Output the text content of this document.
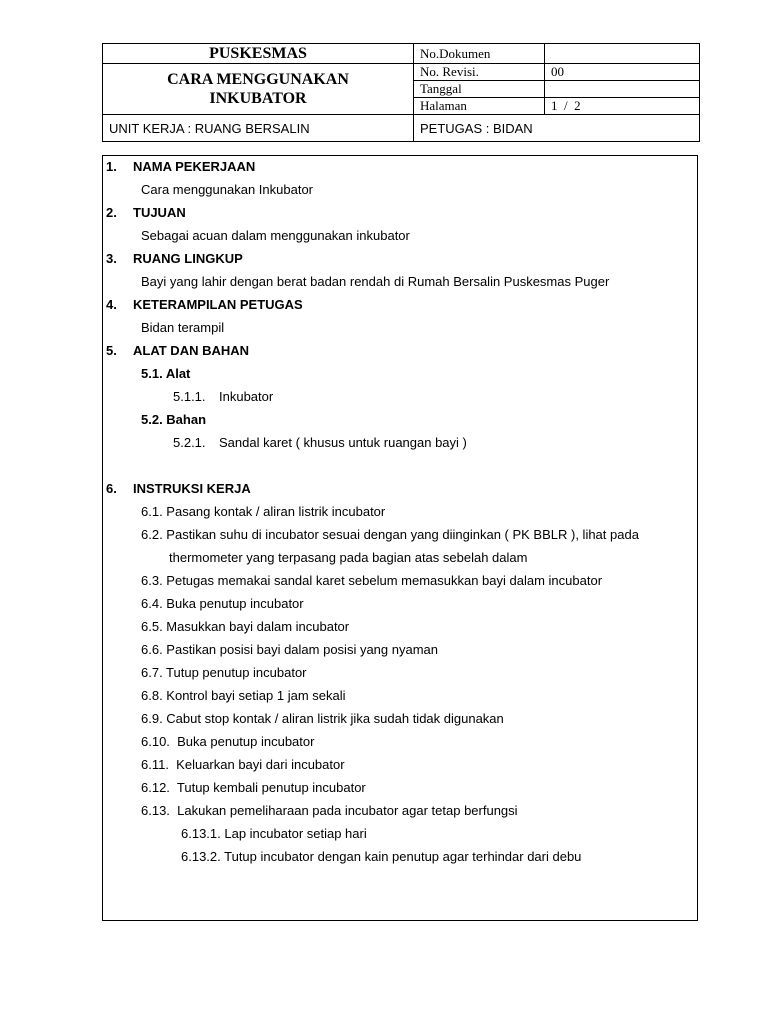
PUSKESMAS	No.Dokumen	

CARA MENGGUNAKAN
INKUBATOR	No. Revisi.	00
	Tanggal	
	Halaman	1  /  2
UNIT KERJA : RUANG BERSALIN	PETUGAS : BIDAN	
1. NAMA PEKERJAAN
Cara menggunakan Inkubator
2. TUJUAN
Sebagai acuan dalam menggunakan inkubator
3. RUANG LINGKUP
Bayi yang lahir dengan berat badan rendah di Rumah Bersalin Puskesmas Puger
4. KETERAMPILAN PETUGAS
Bidan terampil
5. ALAT DAN BAHAN
5.1. Alat
5.1.1. Inkubator
5.2. Bahan
5.2.1. Sandal karet ( khusus untuk ruangan bayi )
6. INSTRUKSI KERJA
6.1. Pasang kontak / aliran listrik incubator
6.2. Pastikan suhu di incubator sesuai dengan yang diinginkan ( PK BBLR ), lihat pada
thermometer yang terpasang pada bagian atas sebelah dalam
6.3. Petugas memakai sandal karet sebelum memasukkan bayi dalam incubator
6.4. Buka penutup incubator
6.5. Masukkan bayi dalam incubator
6.6. Pastikan posisi bayi dalam posisi yang nyaman
6.7. Tutup penutup incubator
6.8. Kontrol bayi setiap 1 jam sekali
6.9. Cabut stop kontak / aliran listrik jika sudah tidak digunakan
6.10.  Buka penutup incubator
6.11.  Keluarkan bayi dari incubator
6.12.  Tutup kembali penutup incubator
6.13.  Lakukan pemeliharaan pada incubator agar tetap berfungsi
6.13.1. Lap incubator setiap hari
6.13.2. Tutup incubator dengan kain penutup agar terhindar dari debu
